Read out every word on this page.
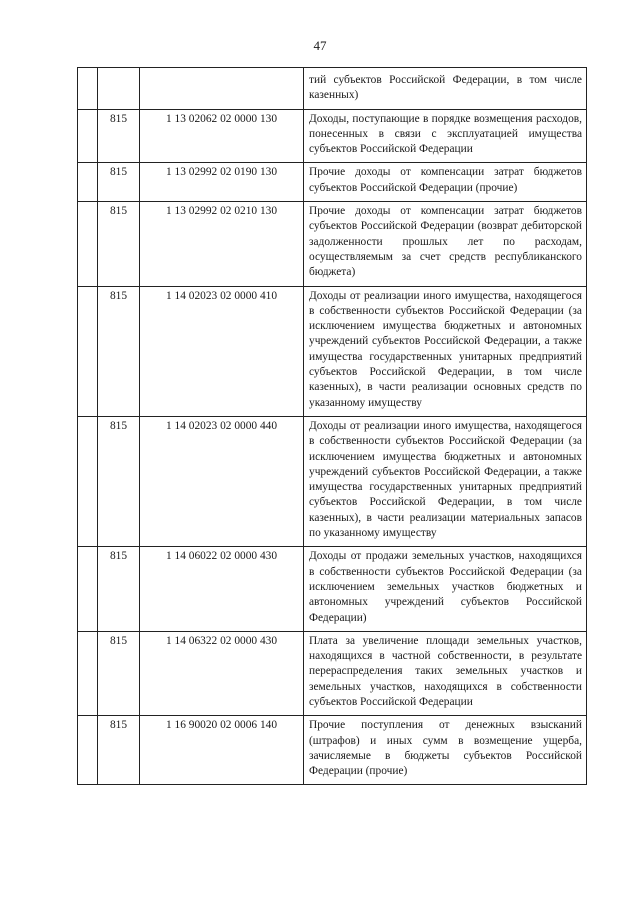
47
			тий субъектов Российской Федерации, в том числе казенных)
	815	1 13 02062 02 0000 130	Доходы, поступающие в порядке возмещения расходов, понесенных в связи с эксплуатацией имущества субъектов Российской Федерации
	815	1 13 02992 02 0190 130	Прочие доходы от компенсации затрат бюджетов субъектов Российской Федерации (прочие)
	815	1 13 02992 02 0210 130	Прочие доходы от компенсации затрат бюджетов субъектов Российской Федерации (возврат дебиторской задолженности прошлых лет по расходам, осуществляемым за счет средств республиканского бюджета)
	815	1 14 02023 02 0000 410	Доходы от реализации иного имущества, находящегося в собственности субъектов Российской Федерации (за исключением имущества бюджетных и автономных учреждений субъектов Российской Федерации, а также имущества государственных унитарных предприятий субъектов Российской Федерации, в том числе казенных), в части реализации основных средств по указанному имуществу
	815	1 14 02023 02 0000 440	Доходы от реализации иного имущества, находящегося в собственности субъектов Российской Федерации (за исключением имущества бюджетных и автономных учреждений субъектов Российской Федерации, а также имущества государственных унитарных предприятий субъектов Российской Федерации, в том числе казенных), в части реализации материальных запасов по указанному имуществу
	815	1 14 06022 02 0000 430	Доходы от продажи земельных участков, находящихся в собственности субъектов Российской Федерации (за исключением земельных участков бюджетных и автономных учреждений субъектов Российской Федерации)
	815	1 14 06322 02 0000 430	Плата за увеличение площади земельных участков, находящихся в частной собственности, в результате перераспределения таких земельных участков и земельных участков, находящихся в собственности субъектов Российской Федерации
	815	1 16 90020 02 0006 140	Прочие поступления от денежных взысканий (штрафов) и иных сумм в возмещение ущерба, зачисляемые в бюджеты субъектов Российской Федерации (прочие)
